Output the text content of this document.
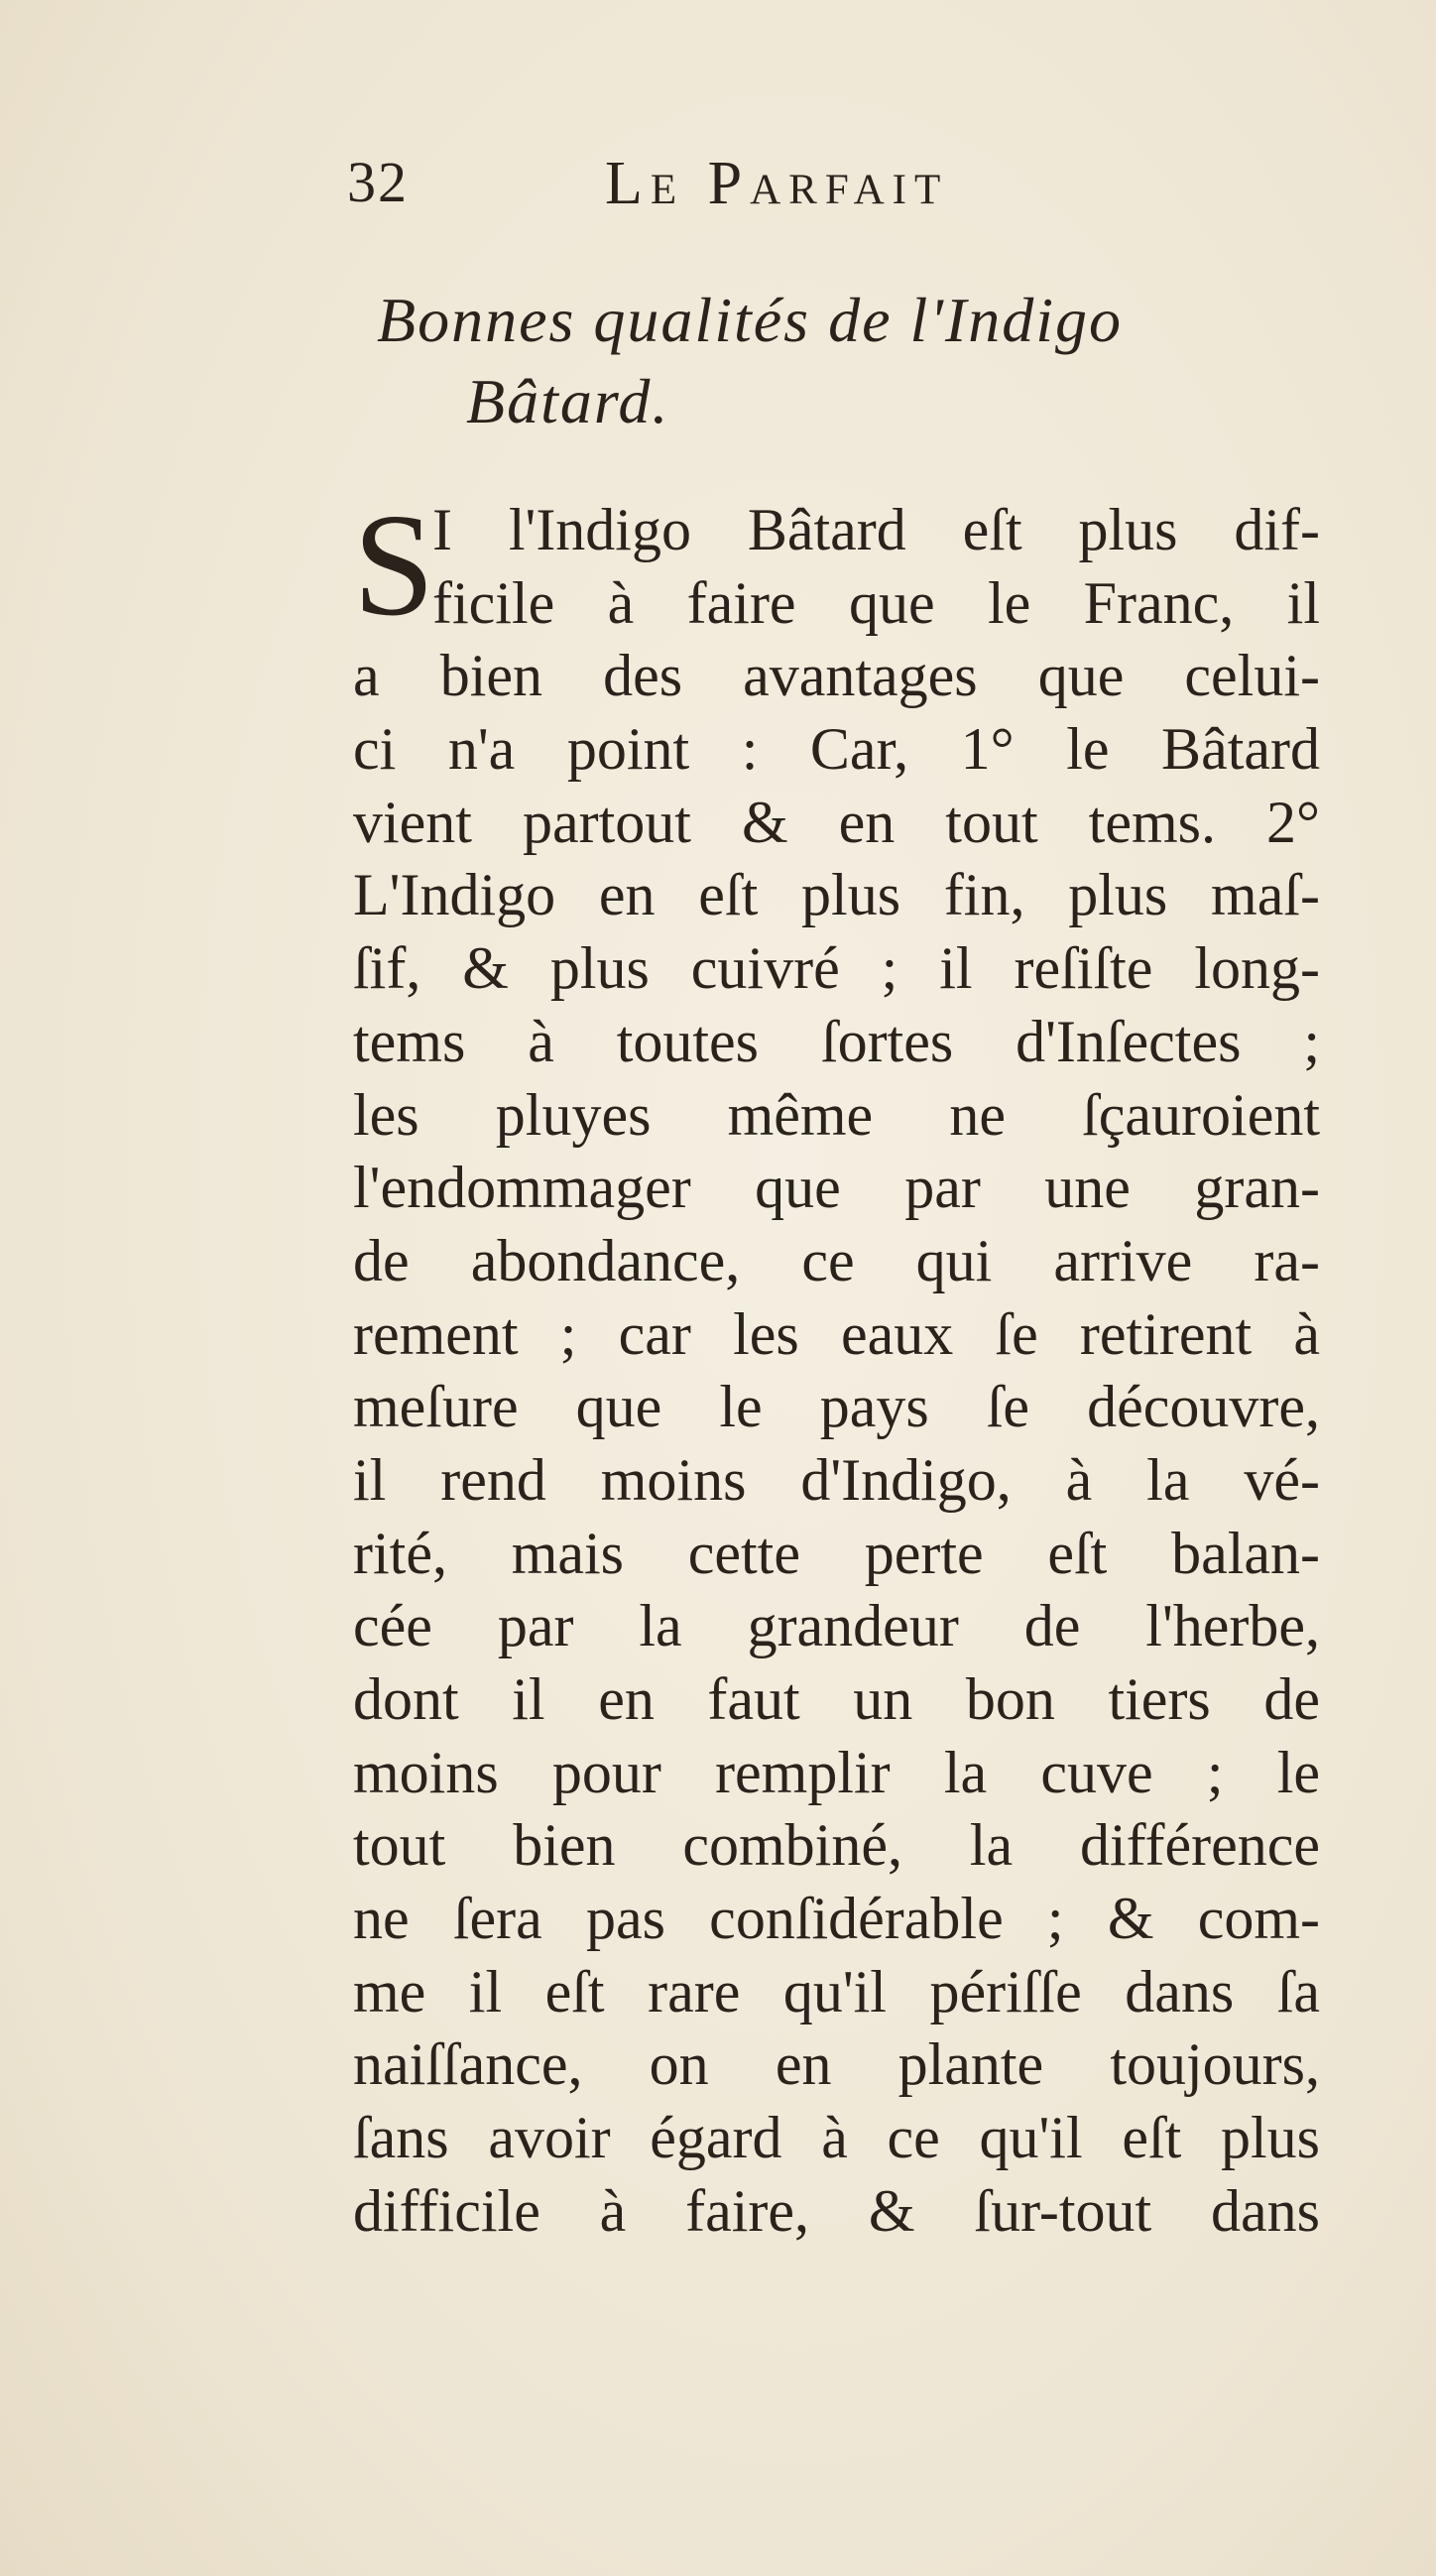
32	Le Parfait
Bonnes qualités de l'Indigo
Bâtard.
S
I l'Indigo Bâtard eſt plus dif-
ficile à faire que le Franc, il
a bien des avantages que celui-
ci n'a point : Car, 1° le Bâtard
vient partout & en tout tems. 2°
L'Indigo en eſt plus fin, plus maſ-
ſif, & plus cuivré ; il reſiſte long-
tems à toutes ſortes d'Inſectes ;
les pluyes même ne ſçauroient
l'endommager que par une gran-
de abondance, ce qui arrive ra-
rement ; car les eaux ſe retirent à
meſure que le pays ſe découvre,
il rend moins d'Indigo, à la vé-
rité, mais cette perte eſt balan-
cée par la grandeur de l'herbe,
dont il en faut un bon tiers de
moins pour remplir la cuve ; le
tout bien combiné, la différence
ne ſera pas conſidérable ; & com-
me il eſt rare qu'il périſſe dans ſa
naiſſance, on en plante toujours,
ſans avoir égard à ce qu'il eſt plus
difficile à faire, & ſur-tout dans
